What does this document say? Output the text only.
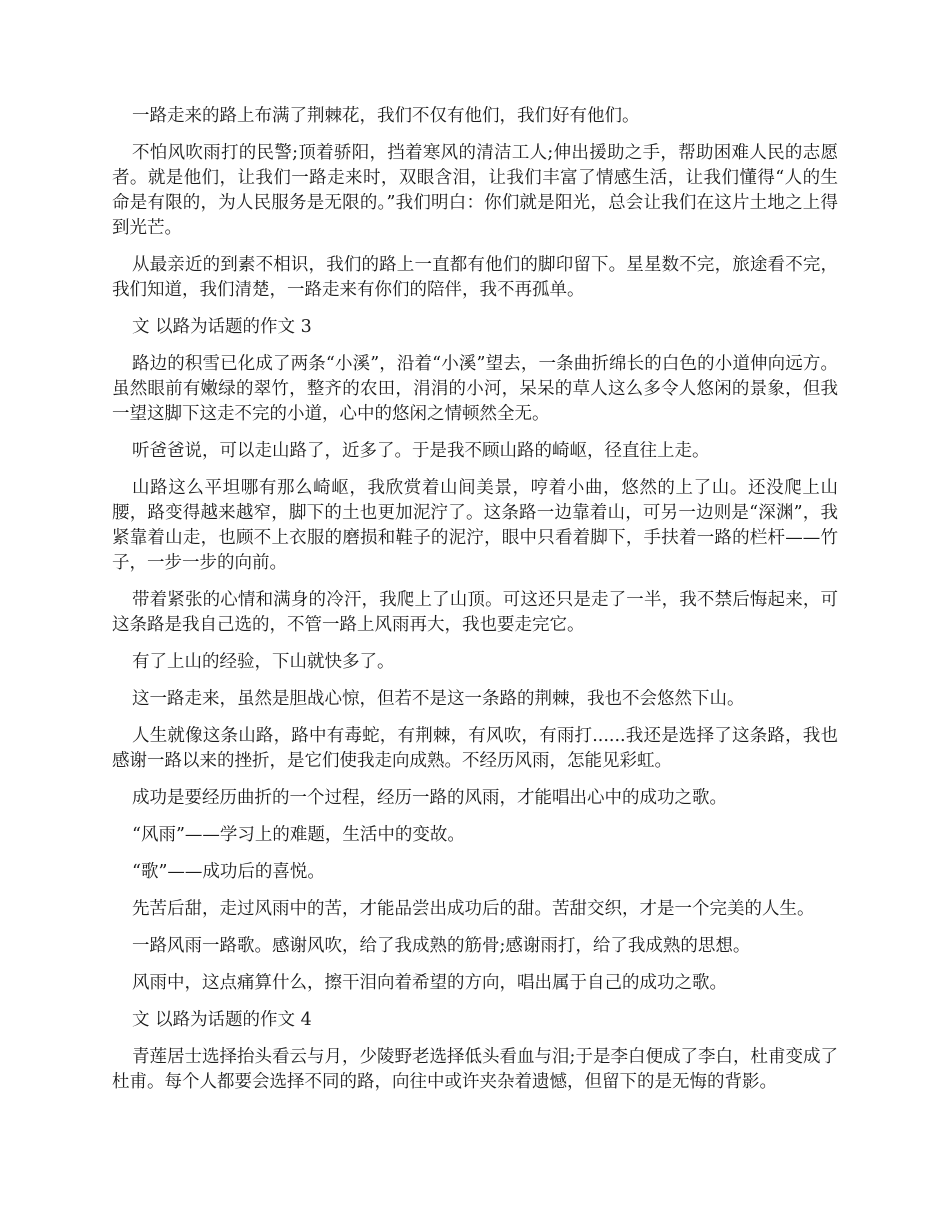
一路走来的路上布满了荆棘花，我们不仅有他们，我们好有他们。

不怕风吹雨打的民警;顶着骄阳，挡着寒风的清洁工人;伸出援助之手，帮助困难人民的志愿者。就是他们，让我们一路走来时，双眼含泪，让我们丰富了情感生活，让我们懂得“人的生命是有限的，为人民服务是无限的。”我们明白：你们就是阳光，总会让我们在这片土地之上得到光芒。

从最亲近的到素不相识，我们的路上一直都有他们的脚印留下。星星数不完，旅途看不完，我们知道，我们清楚，一路走来有你们的陪伴，我不再孤单。

文 以路为话题的作文 3

路边的积雪已化成了两条“小溪”，沿着“小溪”望去，一条曲折绵长的白色的小道伸向远方。虽然眼前有嫩绿的翠竹，整齐的农田，涓涓的小河，呆呆的草人这么多令人悠闲的景象，但我一望这脚下这走不完的小道，心中的悠闲之情顿然全无。

听爸爸说，可以走山路了，近多了。于是我不顾山路的崎岖，径直往上走。

山路这么平坦哪有那么崎岖，我欣赏着山间美景，哼着小曲，悠然的上了山。还没爬上山腰，路变得越来越窄，脚下的土也更加泥泞了。这条路一边靠着山，可另一边则是“深渊”，我紧靠着山走，也顾不上衣服的磨损和鞋子的泥泞，眼中只看着脚下，手扶着一路的栏杆——竹子，一步一步的向前。

带着紧张的心情和满身的冷汗，我爬上了山顶。可这还只是走了一半，我不禁后悔起来，可这条路是我自己选的，不管一路上风雨再大，我也要走完它。

有了上山的经验，下山就快多了。

这一路走来，虽然是胆战心惊，但若不是这一条路的荆棘，我也不会悠然下山。

人生就像这条山路，路中有毒蛇，有荆棘，有风吹，有雨打......我还是选择了这条路，我也感谢一路以来的挫折，是它们使我走向成熟。不经历风雨，怎能见彩虹。

成功是要经历曲折的一个过程，经历一路的风雨，才能唱出心中的成功之歌。

“风雨”——学习上的难题，生活中的变故。

“歌”——成功后的喜悦。

先苦后甜，走过风雨中的苦，才能品尝出成功后的甜。苦甜交织，才是一个完美的人生。

一路风雨一路歌。感谢风吹，给了我成熟的筋骨;感谢雨打，给了我成熟的思想。

风雨中，这点痛算什么，擦干泪向着希望的方向，唱出属于自己的成功之歌。

文 以路为话题的作文 4

青莲居士选择抬头看云与月，少陵野老选择低头看血与泪;于是李白便成了李白，杜甫变成了杜甫。每个人都要会选择不同的路，向往中或许夹杂着遗憾，但留下的是无悔的背影。
